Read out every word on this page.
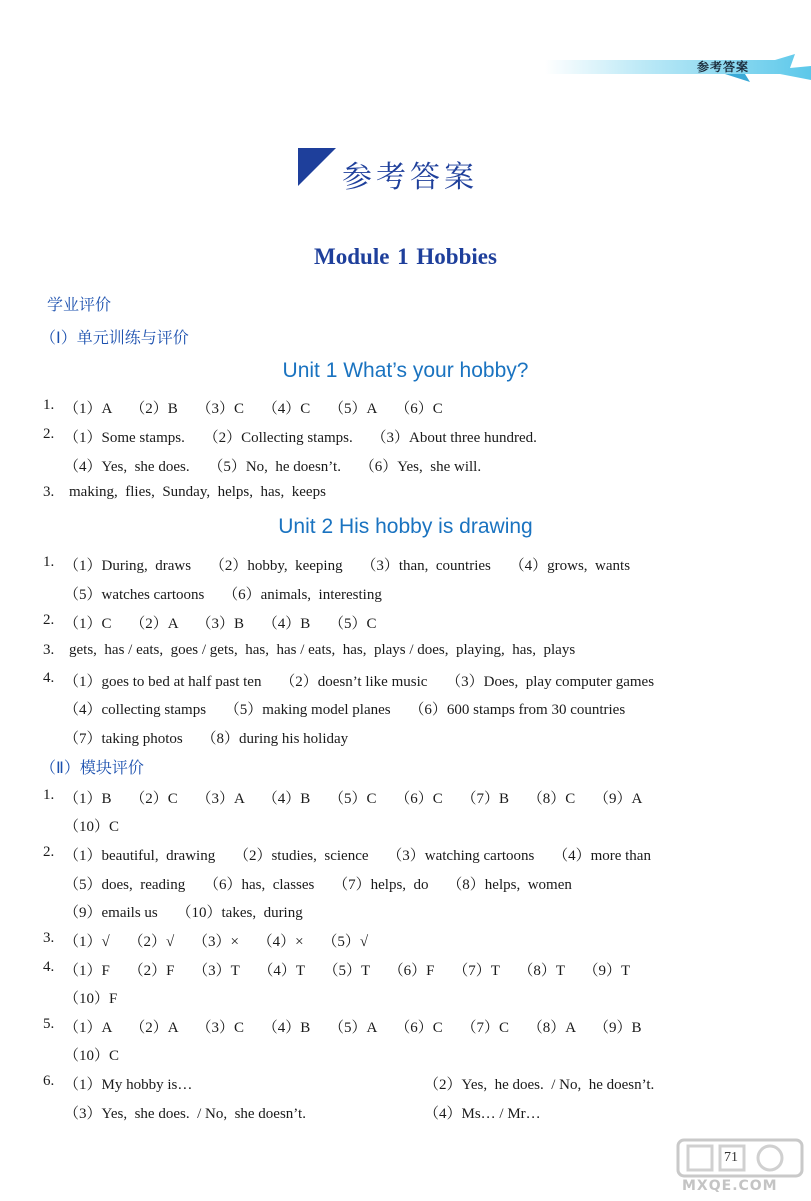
参考答案
参考答案
Module 1 Hobbies
学业评价
（Ⅰ）单元训练与评价
Unit 1 What’s your hobby?
1. （1）A     （2）B     （3）C     （4）C     （5）A     （6）C
2. （1）Some stamps.     （2）Collecting stamps.     （3）About three hundred.
（4）Yes,  she does.     （5）No,  he doesn’t.     （6）Yes,  she will.
3. making,  flies,  Sunday,  helps,  has,  keeps
Unit 2 His hobby is drawing
1. （1）During,  draws     （2）hobby,  keeping     （3）than,  countries     （4）grows,  wants
（5）watches cartoons     （6）animals,  interesting
2. （1）C     （2）A     （3）B     （4）B     （5）C
3. gets,  has / eats,  goes / gets,  has,  has / eats,  has,  plays / does,  playing,  has,  plays
4. （1）goes to bed at half past ten     （2）doesn’t like music     （3）Does,  play computer games
（4）collecting stamps     （5）making model planes     （6）600 stamps from 30 countries
（7）taking photos     （8）during his holiday
（Ⅱ）模块评价
1. （1）B     （2）C     （3）A     （4）B     （5）C     （6）C     （7）B     （8）C     （9）A
（10）C
2. （1）beautiful,  drawing     （2）studies,  science     （3）watching cartoons     （4）more than
（5）does,  reading     （6）has,  classes     （7）helps,  do     （8）helps,  women
（9）emails us     （10）takes,  during
3. （1）√     （2）√     （3）×     （4）×     （5）√
4. （1）F     （2）F     （3）T     （4）T     （5）T     （6）F     （7）T     （8）T     （9）T
（10）F
5. （1）A     （2）A     （3）C     （4）B     （5）A     （6）C     （7）C     （8）A     （9）B
（10）C
6. （1）My hobby is…	（2）Yes,  he does.  / No,  he doesn’t.
（3）Yes,  she does.  / No,  she doesn’t.	（4）Ms… / Mr…
71
MXQE.COM
